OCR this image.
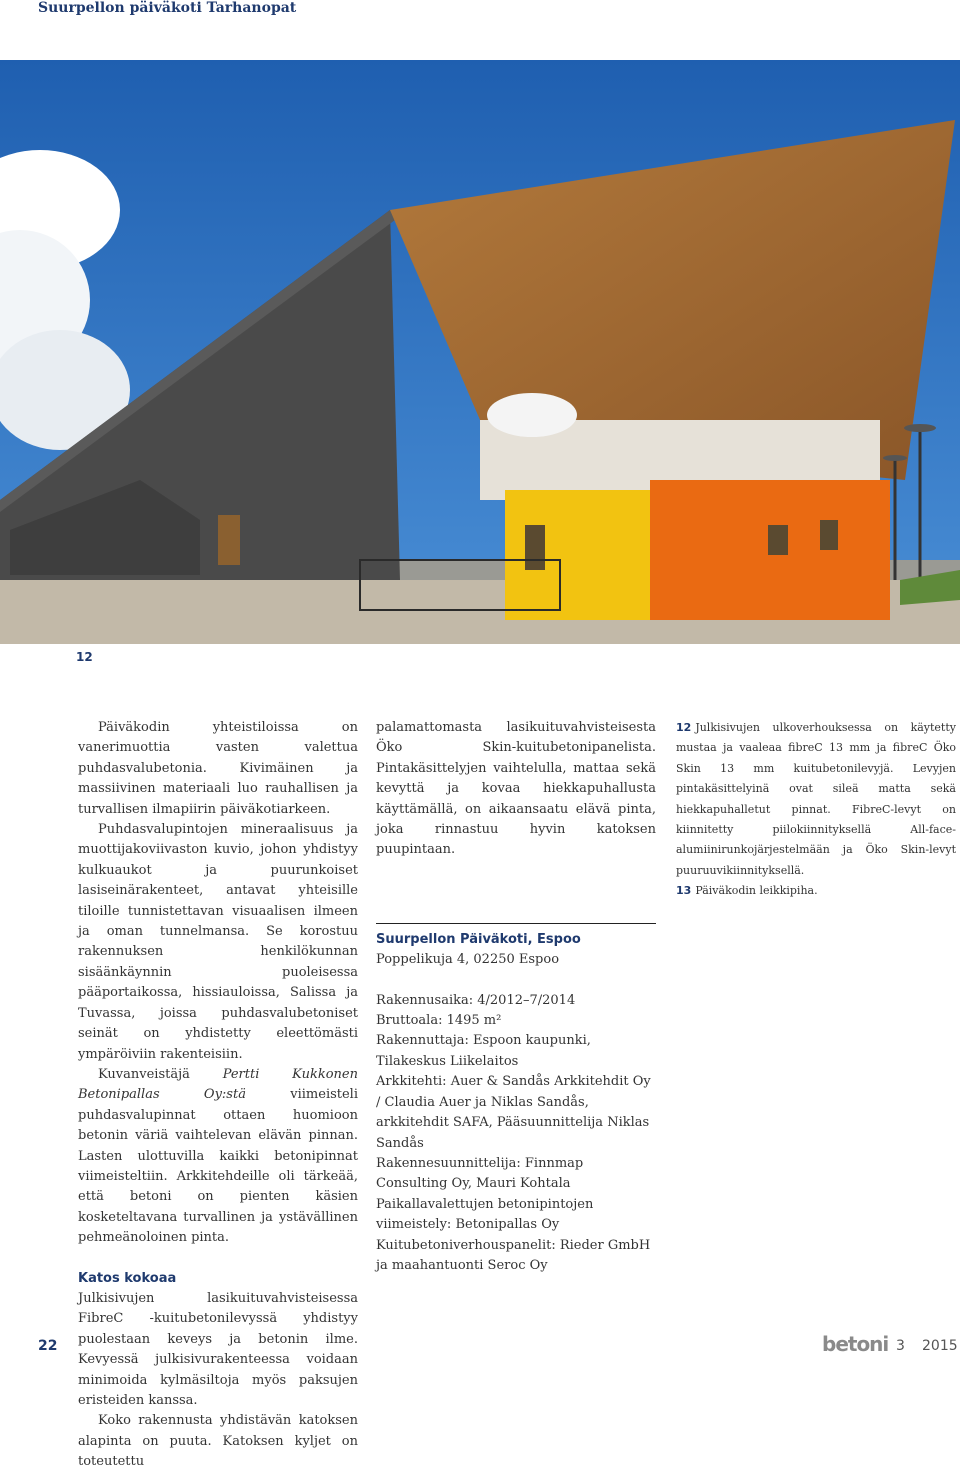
Suurpellon päiväkoti Tarhanopat
12

Päiväkodin yhteistiloissa on vanerimuottia vasten valettua puhdasvalubetonia. Kivimäinen ja massiivinen materiaali luo rauhallisen ja turvallisen ilmapiirin päiväkotiarkeen.

Puhdasvalupintojen mineraalisuus ja muottijakoviivaston kuvio, johon yhdistyy kulkuaukot ja puurunkoiset lasiseinärakenteet, antavat yhteisille tiloille tunnistettavan visuaalisen ilmeen ja oman tunnelmansa. Se korostuu rakennuksen henkilökunnan sisäänkäynnin puoleisessa pääportaikossa, hissiauloissa, Salissa ja Tuvassa, joissa puhdasvalubetoniset seinät on yhdistetty eleettömästi ympäröiviin rakenteisiin.

Kuvanveistäjä Pertti Kukkonen Betonipallas Oy:stä viimeisteli puhdasvalupinnat ottaen huomioon betonin väriä vaihtelevan elävän pinnan. Lasten ulottuvilla kaikki betonipinnat viimeisteltiin. Arkkitehdeille oli tärkeää, että betoni on pienten käsien kosketeltavana turvallinen ja ystävällinen pehmeänoloinen pinta.

Katos kokoaa

Julkisivujen lasikuituvahvisteisessa FibreC -kuitubetonilevyssä yhdistyy puolestaan keveys ja betonin ilme. Kevyessä julkisivurakenteessa voidaan minimoida kylmäsiltoja myös paksujen eristeiden kanssa.

Koko rakennusta yhdistävän katoksen alapinta on puuta. Katoksen kyljet on toteutettu

palamattomasta lasikuituvahvisteisesta Öko Skin-kuitubetonipanelista. Pintakäsittelyjen vaihtelulla, mattaa sekä kevyttä ja kovaa hiekkapuhallusta käyttämällä, on aikaansaatu elävä pinta, joka rinnastuu hyvin katoksen puupintaan.

Suurpellon Päiväkoti, Espoo
Poppelikuja 4, 02250 Espoo

Rakennusaika: 4/2012–7/2014

Bruttoala: 1495 m²

Rakennuttaja: Espoon kaupunki, Tilakeskus Liikelaitos

Arkkitehti: Auer & Sandås Arkkitehdit Oy / Claudia Auer ja Niklas Sandås, arkkitehdit SAFA, Pääsuunnittelija Niklas Sandås

Rakennesuunnittelija: Finnmap Consulting Oy, Mauri Kohtala

Paikallavalettujen betonipintojen viimeistely: Betonipallas Oy

Kuitubetoniverhouspanelit: Rieder GmbH ja maahantuonti Seroc Oy

12 Julkisivujen ulkoverhouksessa on käytetty mustaa ja vaaleaa fibreC 13 mm ja fibreC Öko Skin 13 mm kuitubetonilevyjä. Levyjen pintakäsittelyinä ovat sileä matta sekä hiekkapuhalletut pinnat. FibreC-levyt on kiinnitetty piilokiinnityksellä All-face-alumiinirunkojärjestelmään ja Öko Skin-levyt puuruuvikiinnityksellä.

13 Päiväkodin leikkipiha.

22	betoni 3 2015
